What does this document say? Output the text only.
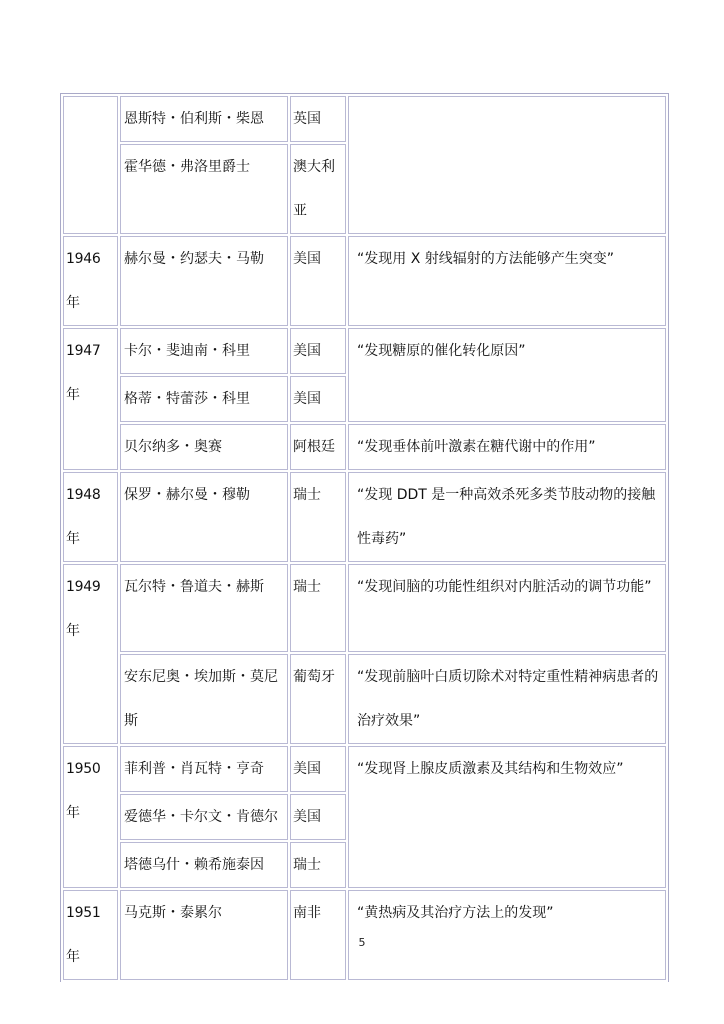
	恩斯特・伯利斯・柴恩	英国	
	霍华德・弗洛里爵士	澳大利亚	
1946 年	赫尔曼・约瑟夫・马勒	美国	“发现用 X 射线辐射的方法能够产生突变”
1947 年	卡尔・斐迪南・科里	美国	“发现糖原的催化转化原因”
	格蒂・特蕾莎・科里	美国	
	贝尔纳多・奥赛	阿根廷	“发现垂体前叶激素在糖代谢中的作用”
1948 年	保罗・赫尔曼・穆勒	瑞士	“发现 DDT 是一种高效杀死多类节肢动物的接触性毒药”
1949 年	瓦尔特・鲁道夫・赫斯	瑞士	“发现间脑的功能性组织对内脏活动的调节功能”
	安东尼奥・埃加斯・莫尼斯	葡萄牙	“发现前脑叶白质切除术对特定重性精神病患者的治疗效果”
1950 年	菲利普・肖瓦特・亨奇	美国	“发现肾上腺皮质激素及其结构和生物效应”
	爱德华・卡尔文・肯德尔	美国	
	塔德乌什・赖希施泰因	瑞士	
1951 年	马克斯・泰累尔	南非	“黄热病及其治疗方法上的发现”
5
